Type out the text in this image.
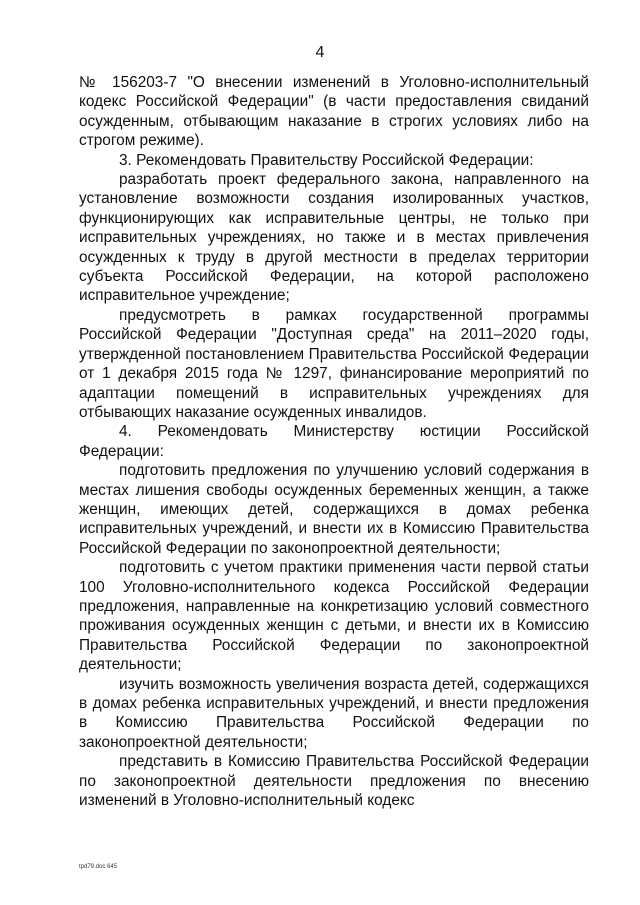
4

№ 156203-7 "О внесении изменений в Уголовно-исполнительный кодекс Российской Федерации" (в части предоставления свиданий осужденным, отбывающим наказание в строгих условиях либо на строгом режиме).

3. Рекомендовать Правительству Российской Федерации:

разработать проект федерального закона, направленного на установление возможности создания изолированных участков, функционирующих как исправительные центры, не только при исправительных учреждениях, но также и в местах привлечения осужденных к труду в другой местности в пределах территории субъекта Российской Федерации, на которой расположено исправительное учреждение;

предусмотреть в рамках государственной программы Российской Федерации "Доступная среда" на 2011–2020 годы, утвержденной постановлением Правительства Российской Федерации от 1 декабря 2015 года № 1297, финансирование мероприятий по адаптации помещений в исправительных учреждениях для отбывающих наказание осужденных инвалидов.

4. Рекомендовать Министерству юстиции Российской Федерации:

подготовить предложения по улучшению условий содержания в местах лишения свободы осужденных беременных женщин, а также женщин, имеющих детей, содержащихся в домах ребенка исправительных учреждений, и внести их в Комиссию Правительства Российской Федерации по законопроектной деятельности;

подготовить с учетом практики применения части первой статьи 100 Уголовно-исполнительного кодекса Российской Федерации предложения, направленные на конкретизацию условий совместного проживания осужденных женщин с детьми, и внести их в Комиссию Правительства Российской Федерации по законопроектной деятельности;

изучить возможность увеличения возраста детей, содержащихся в домах ребенка исправительных учреждений, и внести предложения в Комиссию Правительства Российской Федерации по законопроектной деятельности;

представить в Комиссию Правительства Российской Федерации по законопроектной деятельности предложения по внесению изменений в Уголовно-исполнительный кодекс

tpd79.doc 645
